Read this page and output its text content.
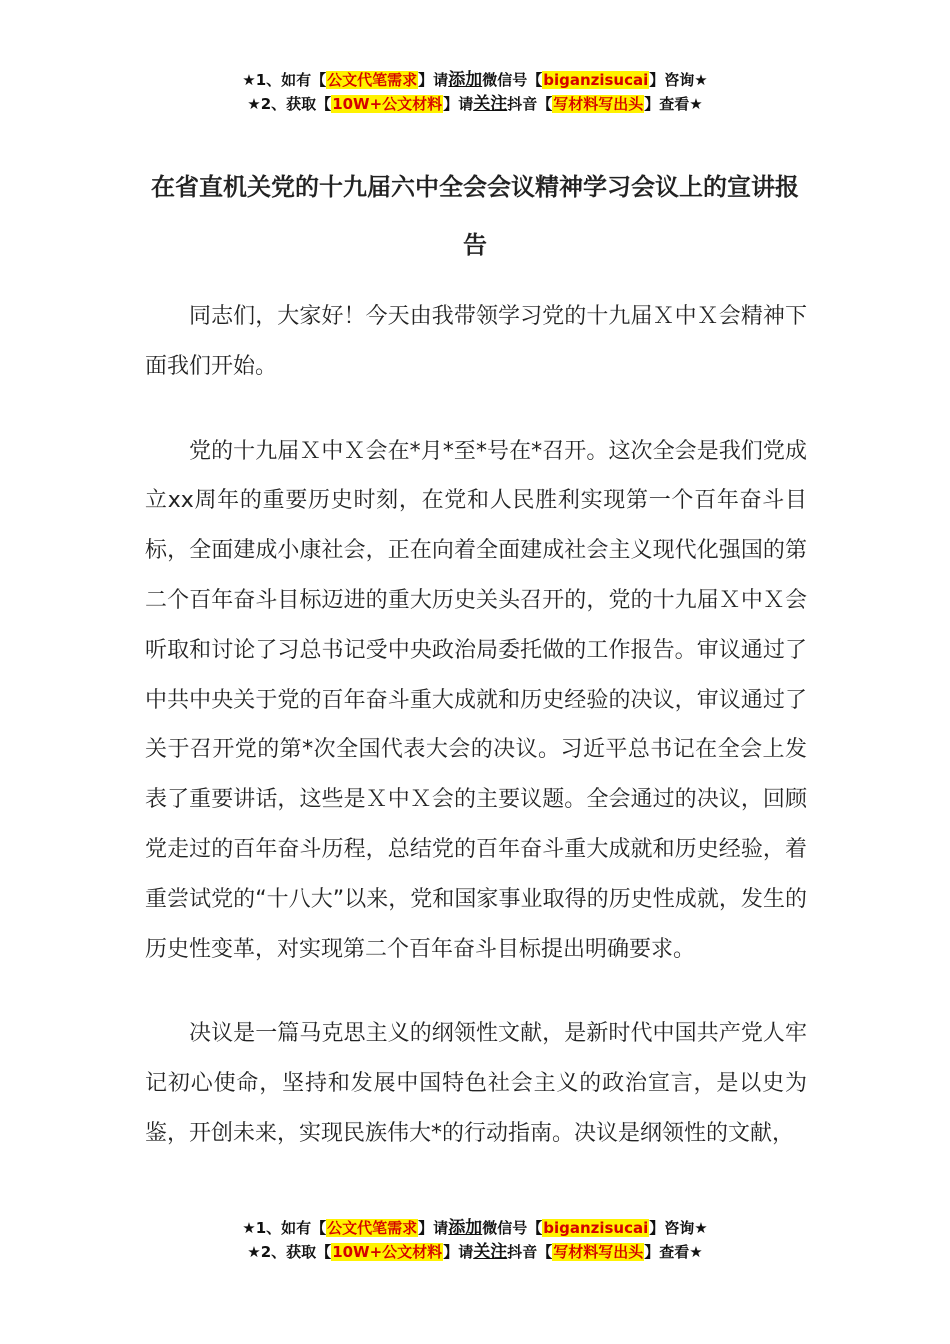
★1、如有【公文代笔需求】请添加微信号【biganzisucai】咨询★
★2、获取【10W+公文材料】请关注抖音【写材料写出头】查看★
在省直机关党的十九届六中全会会议精神学习会议上的宣讲报告

同志们，大家好！今天由我带领学习党的十九届Ｘ中Ｘ会精神下面我们开始。

党的十九届Ｘ中Ｘ会在*月*至*号在*召开。这次全会是我们党成立xx周年的重要历史时刻，在党和人民胜利实现第一个百年奋斗目标，全面建成小康社会，正在向着全面建成社会主义现代化强国的第二个百年奋斗目标迈进的重大历史关头召开的，党的十九届Ｘ中Ｘ会听取和讨论了习总书记受中央政治局委托做的工作报告。审议通过了中共中央关于党的百年奋斗重大成就和历史经验的决议，审议通过了关于召开党的第*次全国代表大会的决议。习近平总书记在全会上发表了重要讲话，这些是Ｘ中Ｘ会的主要议题。全会通过的决议，回顾党走过的百年奋斗历程，总结党的百年奋斗重大成就和历史经验，着重尝试党的“十八大”以来，党和国家事业取得的历史性成就，发生的历史性变革，对实现第二个百年奋斗目标提出明确要求。

决议是一篇马克思主义的纲领性文献，是新时代中国共产党人牢记初心使命，坚持和发展中国特色社会主义的政治宣言，是以史为鉴，开创未来，实现民族伟大*的行动指南。决议是纲领性的文献，

★1、如有【公文代笔需求】请添加微信号【biganzisucai】咨询★
★2、获取【10W+公文材料】请关注抖音【写材料写出头】查看★
